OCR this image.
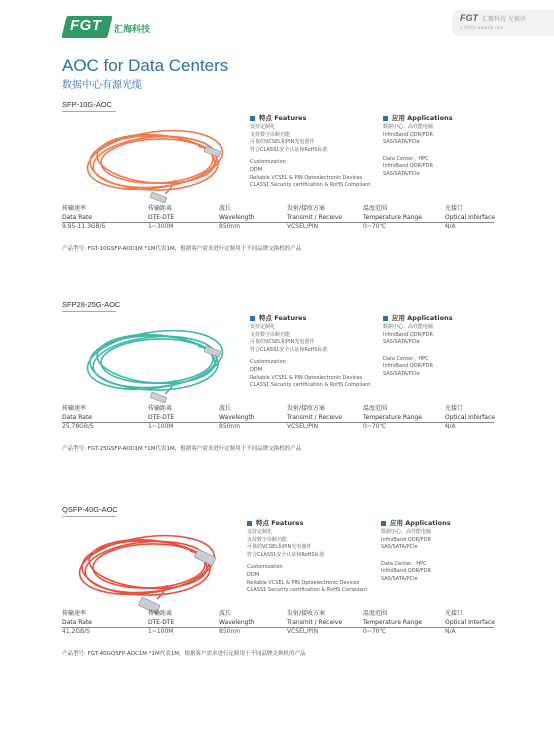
FGT 汇海科技
FGT 汇聚科技 光模块
汇海科技 www.fgt.com
AOC for Data Centers
数据中心有源光缆
SFP-10G-AOC
特点 Features
支持定制化
支持数字诊断功能
可靠的VCSEL和PIN光电器件
符合CLASS1安全认证和RoHS标准
Customization
DDM
Reliable VCSEL & PIN Optoelectronic Devices
CLASS1 Security certification & RoHS Compliant
应用 Applications
数据中心、高性能电脑
InfiniBand QDR/FDR
SAS/SATA/PCIe
Data Center、HPC
InfiniBand QDR/FDR
SAS/SATA/PCIe
传输速率
Data Rate
9.95-11.3GB/S
传输距离
DTE-DTE
1~300M
波长
Wavelength
850nm
发射/接收方案
Transmit / Receive
VCSEL/PIN
温度范围
Temperature Range
0~70℃
光接口
Optical Interface
N/A
产品型号: FGT-10GSFP-AOC1M *1M代表1M，根据客户需求进行定制用于不同品牌交换机的产品
SFP28-25G-AOC
特点 Features
支持定制化
支持数字诊断功能
可靠的VCSEL和PIN光电器件
符合CLASS1安全认证和RoHS标准
Customization
DDM
Reliable VCSEL & PIN Optoelectronic Devices
CLASS1 Security certification & RoHS Compliant
应用 Applications
数据中心、高性能电脑
InfiniBand QDR/FDR
SAS/SATA/PCIe
Data Center、HPC
InfiniBand QDR/FDR
SAS/SATA/PCIe
传输速率
Data Rate
25.78GB/S
传输距离
DTE-DTE
1~100M
波长
Wavelength
850nm
发射/接收方案
Transmit / Receive
VCSEL/PIN
温度范围
Temperature Range
0~70℃
光接口
Optical Interface
N/A
产品型号: FGT-25GSFP-AOC1M *1M代表1M，根据客户需求进行定制用于不同品牌交换机的产品
QSFP-40G-AOC
特点 Features
支持定制化
支持数字诊断功能
可靠的VCSEL和PIN光电器件
符合CLASS1安全认证和RoHS标准
Customization
DDM
Reliable VCSEL & PIN Optoelectronic Devices
CLASS1 Security certification & RoHS Compliant
应用 Applications
数据中心、高性能电脑
InfiniBand QDR/FDR
SAS/SATA/PCIe
Data Center、HPC
InfiniBand QDR/FDR
SAS/SATA/PCIe
传输速率
Data Rate
41.2GB/S
传输距离
DTE-DTE
1~100M
波长
Wavelength
850nm
发射/接收方案
Transmit / Receive
VCSEL/PIN
温度范围
Temperature Range
0~70℃
光接口
Optical Interface
N/A
产品型号: FGT-40GQSFP-AOC1M *1M代表1M，根据客户需求进行定制用于不同品牌交换机的产品
